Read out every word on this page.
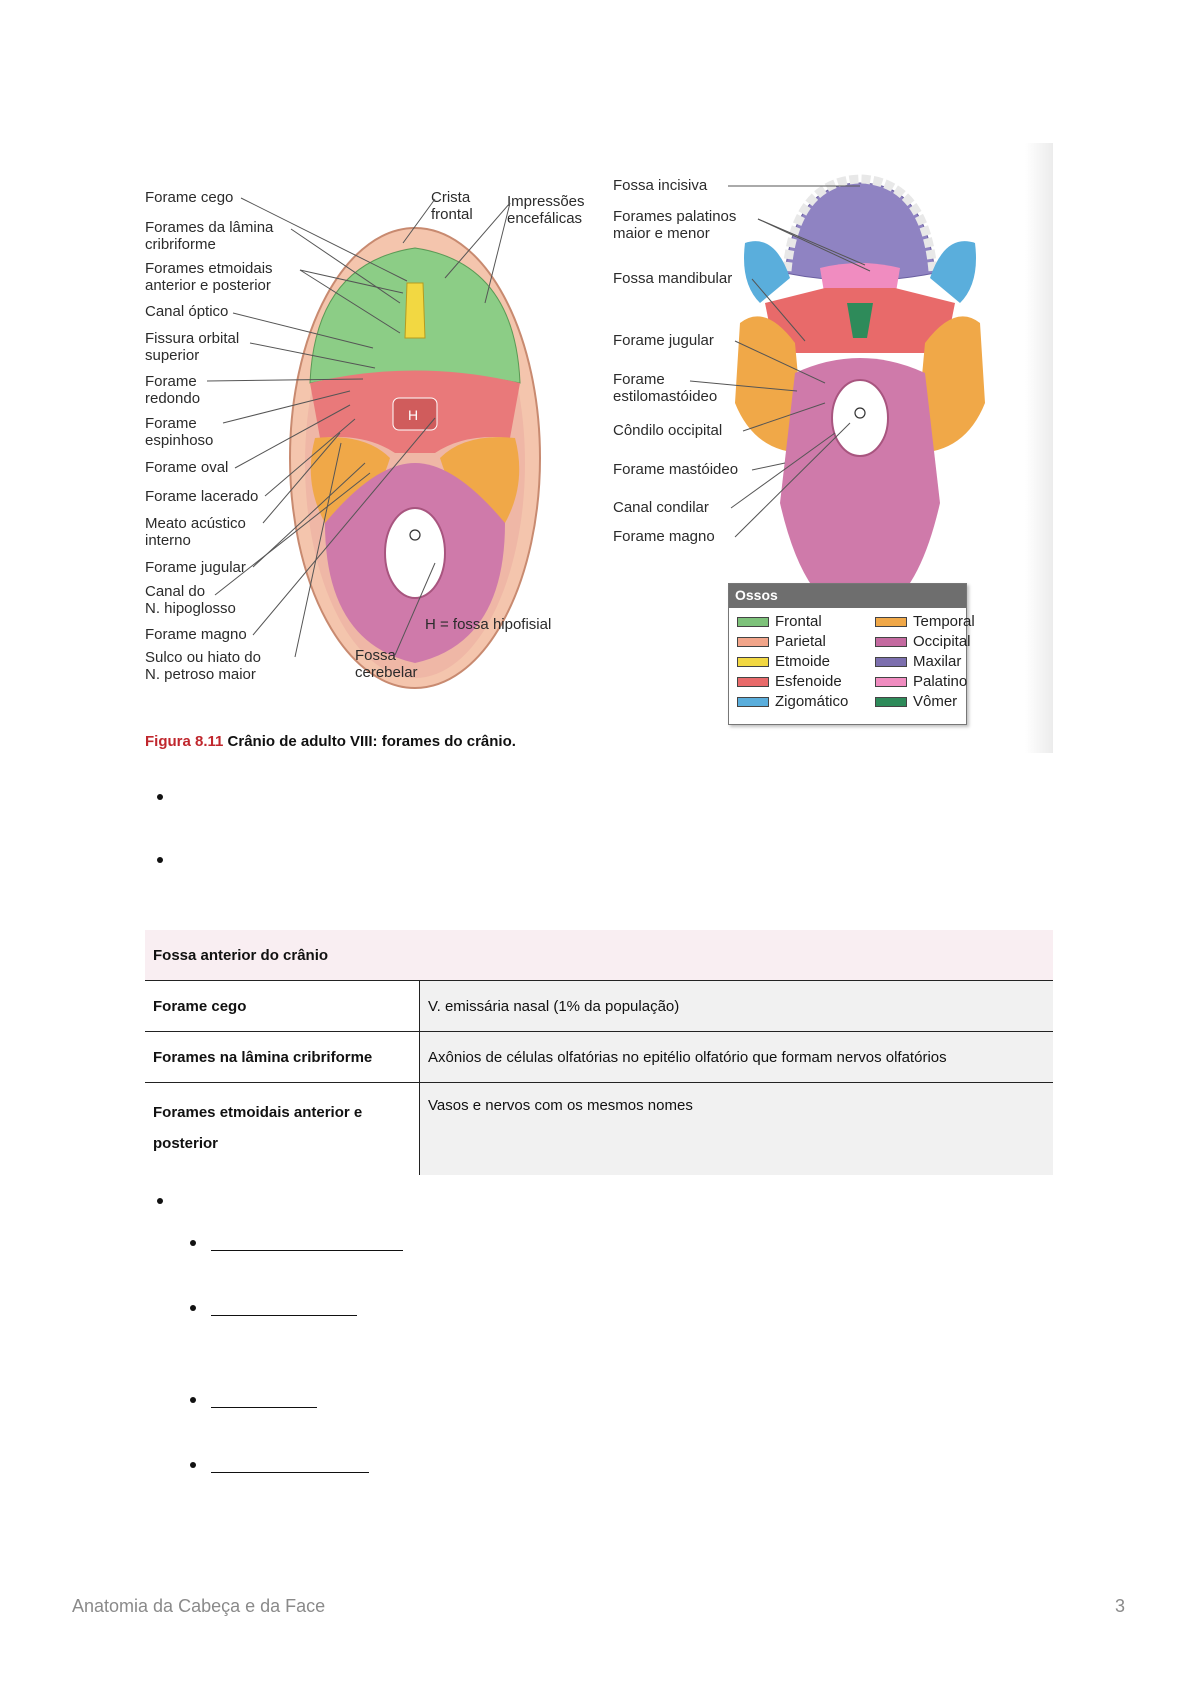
H
Forame cego
Forames da lâmina
cribriforme
Forames etmoidais
anterior e posterior
Canal óptico
Fissura orbital
superior
Forame
redondo
Forame
espinhoso
Forame oval
Forame lacerado
Meato acústico
interno
Forame jugular
Canal do
N. hipoglosso
Forame magno
Sulco ou hiato do
N. petroso maior
Crista
frontal
Impressões
encefálicas
H = fossa hipofisial
Fossa
cerebelar
Fossa incisiva
Forames palatinos
maior e menor
Fossa mandibular
Forame jugular
Forame
estilomastóideo
Côndilo occipital
Forame mastóideo
Canal condilar
Forame magno
Ossos
Frontal	Temporal
Parietal	Occipital
Etmoide	Maxilar
Esfenoide	Palatino
Zigomático	Vômer
Figura 8.11 Crânio de adulto VIII: forames do crânio.
Fossa anterior do crânio	
Forame cego	V. emissária nasal (1% da população)
Forames na lâmina cribriforme	Axônios de células olfatórias no epitélio olfatório que formam nervos olfatórios
Forames etmoidais anterior e posterior	Vasos e nervos com os mesmos nomes
Anatomia da Cabeça e da Face	3
